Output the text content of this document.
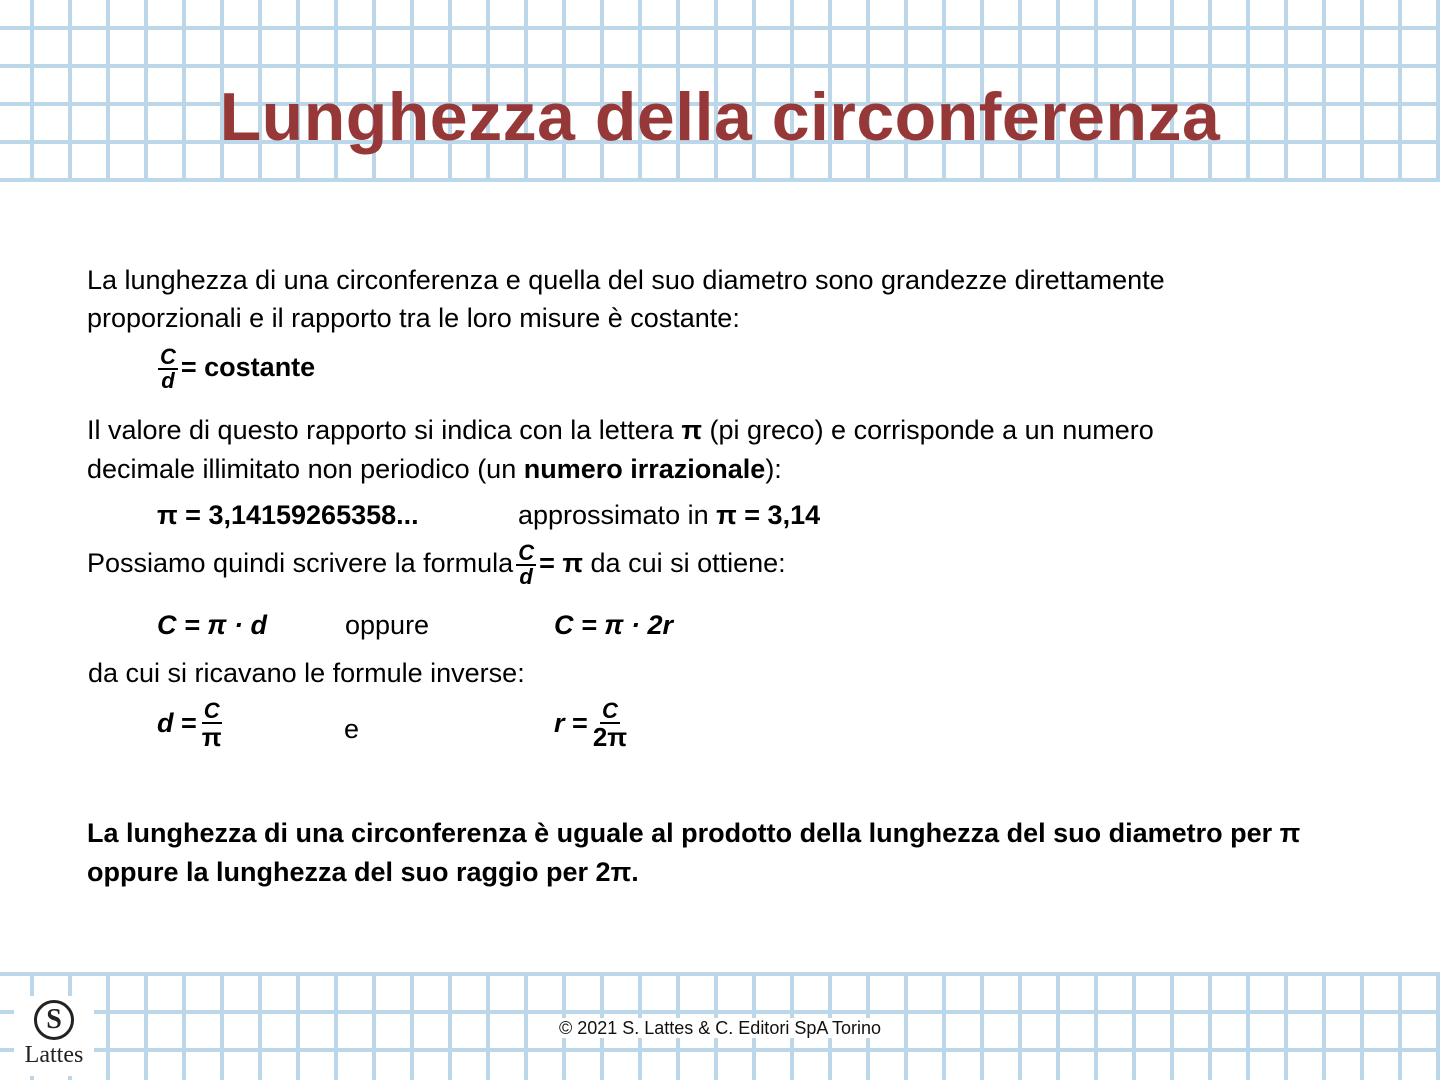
Lunghezza della circonferenza
La lunghezza di una circonferenza e quella del suo diametro sono grandezze direttamente
proporzionali e il rapporto tra le loro misure è costante:
$\frac{C}{d}$ = costante
Il valore di questo rapporto si indica con la lettera π (pi greco) e corrisponde a un numero
decimale illimitato non periodico (un numero irrazionale):
π = 3,14159265358...	approssimato in π = 3,14
Possiamo quindi scrivere la formula $\frac{C}{d} = \pi$ da cui si ottiene:
C = π · d	oppure	C = π · 2r
da cui si ricavano le formule inverse:
$d = \frac{C}{\pi}$	e	$r = \frac{C}{2\pi}$
La lunghezza di una circonferenza è uguale al prodotto della lunghezza del suo diametro per π
oppure la lunghezza del suo raggio per 2π.
S
Lattes
© 2021 S. Lattes & C. Editori SpA Torino
